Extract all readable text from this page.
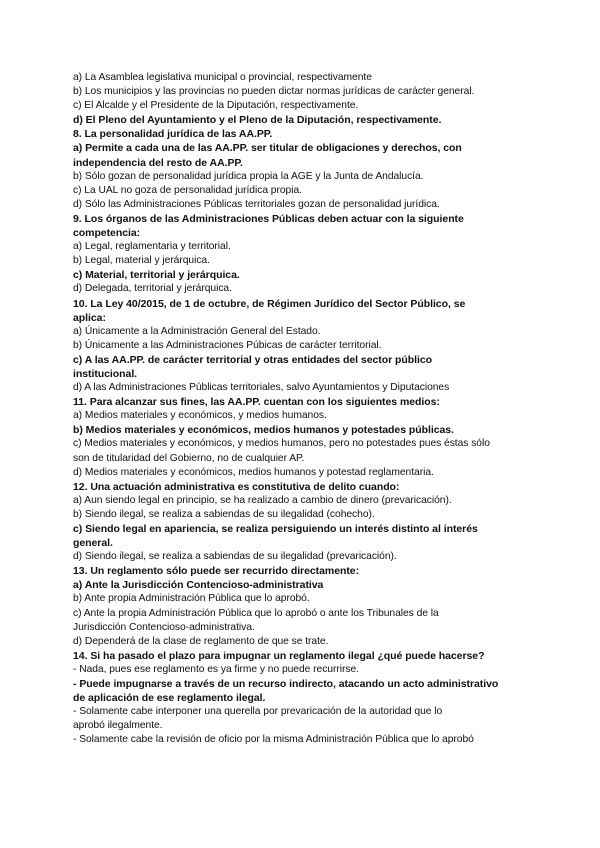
a) La Asamblea legislativa municipal o provincial, respectivamente
b) Los municipios y las provincias no pueden dictar normas jurídicas de carácter general.
c) El Alcalde y el Presidente de la Diputación, respectivamente.
d) El Pleno del Ayuntamiento y el Pleno de la Diputación, respectivamente.
8. La personalidad jurídica de las AA.PP.
a) Permite a cada una de las AA.PP. ser titular de obligaciones y derechos, con
independencia del resto de AA.PP.
b) Sólo gozan de personalidad jurídica propia la AGE y la Junta de Andalucía.
c) La UAL no goza de personalidad jurídica propia.
d) Sólo las Administraciones Públicas territoriales gozan de personalidad jurídica.
9. Los órganos de las Administraciones Públicas deben actuar con la siguiente
competencia:
a) Legal, reglamentaria y territorial.
b) Legal, material y jerárquica.
c) Material, territorial y jerárquica.
d) Delegada, territorial y jerárquica.
10. La Ley 40/2015, de 1 de octubre, de Régimen Jurídico del Sector Público, se
aplica:
a) Únicamente a la Administración General del Estado.
b) Únicamente a las Administraciones Púbicas de carácter territorial.
c) A las AA.PP. de carácter territorial y otras entidades del sector público
institucional.
d) A las Administraciones Públicas territoriales, salvo Ayuntamientos y Diputaciones
11. Para alcanzar sus fines, las AA.PP. cuentan con los siguientes medios:
a) Medios materiales y económicos, y medios humanos.
b) Medios materiales y económicos, medios humanos y potestades públicas.
c) Medios materiales y económicos, y medios humanos, pero no potestades pues éstas sólo
son de titularidad del Gobierno, no de cualquier AP.
d) Medios materiales y económicos, medios humanos y potestad reglamentaria.
12. Una actuación administrativa es constitutiva de delito cuando:
a) Aun siendo legal en principio, se ha realizado a cambio de dinero (prevaricación).
b) Siendo ilegal, se realiza a sabiendas de su ilegalidad (cohecho).
c) Siendo legal en apariencia, se realiza persiguiendo un interés distinto al interés
general.
d) Siendo ilegal, se realiza a sabiendas de su ilegalidad (prevaricación).
13. Un reglamento sólo puede ser recurrido directamente:
a) Ante la Jurisdicción Contencioso-administrativa
b) Ante propia Administración Pública que lo aprobó.
c) Ante la propia Administración Pública que lo aprobó o ante los Tribunales de la
Jurisdicción Contencioso-administrativa.
d) Dependerá de la clase de reglamento de que se trate.
14. Si ha pasado el plazo para impugnar un reglamento ilegal ¿qué puede hacerse?
- Nada, pues ese reglamento es ya firme y no puede recurrirse.
- Puede impugnarse a través de un recurso indirecto, atacando un acto administrativo
de aplicación de ese reglamento ilegal.
- Solamente cabe interponer una querella por prevaricación de la autoridad que lo
aprobó ilegalmente.
- Solamente cabe la revisión de oficio por la misma Administración Pública que lo aprobó
